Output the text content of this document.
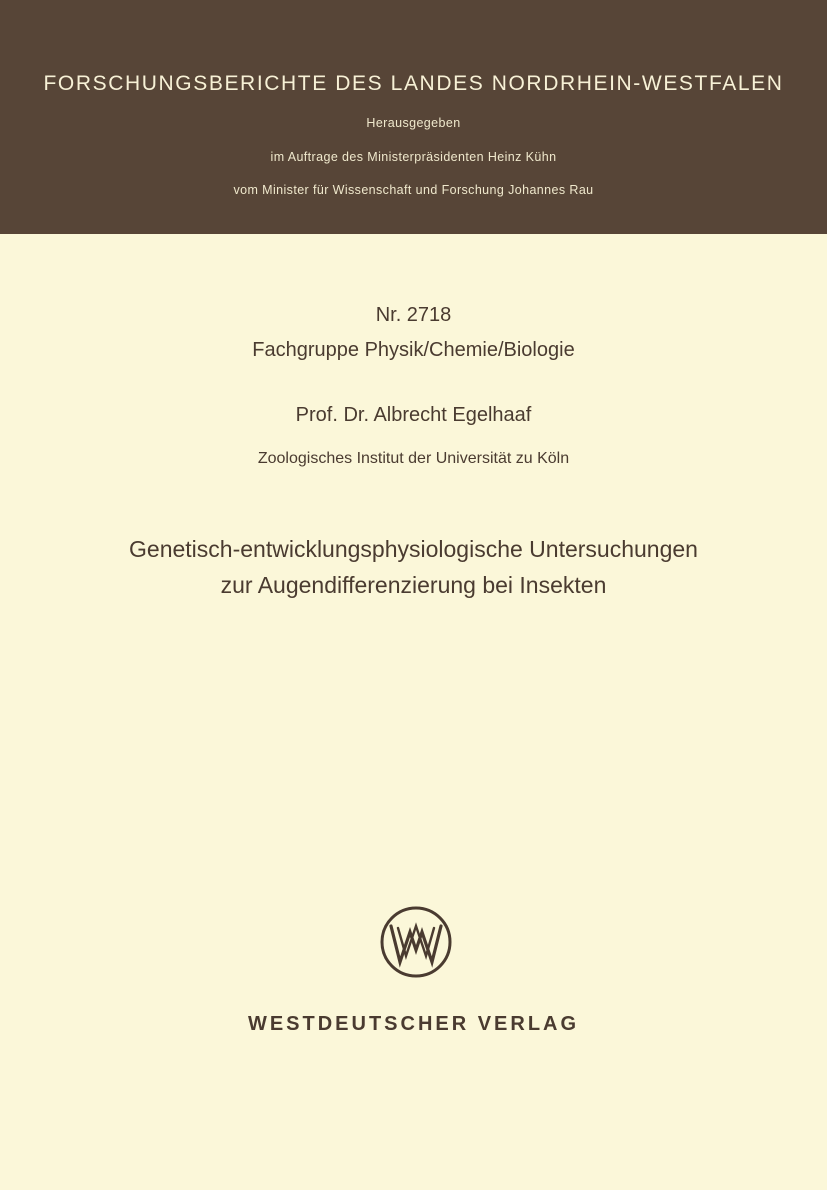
FORSCHUNGSBERICHTE DES LANDES NORDRHEIN-WESTFALEN
Herausgegeben
im Auftrage des Ministerpräsidenten Heinz Kühn
vom Minister für Wissenschaft und Forschung Johannes Rau
Nr. 2718
Fachgruppe Physik/Chemie/Biologie
Prof. Dr. Albrecht Egelhaaf
Zoologisches Institut der Universität zu Köln
Genetisch-entwicklungsphysiologische Untersuchungen
zur Augendifferenzierung bei Insekten
WESTDEUTSCHER VERLAG
